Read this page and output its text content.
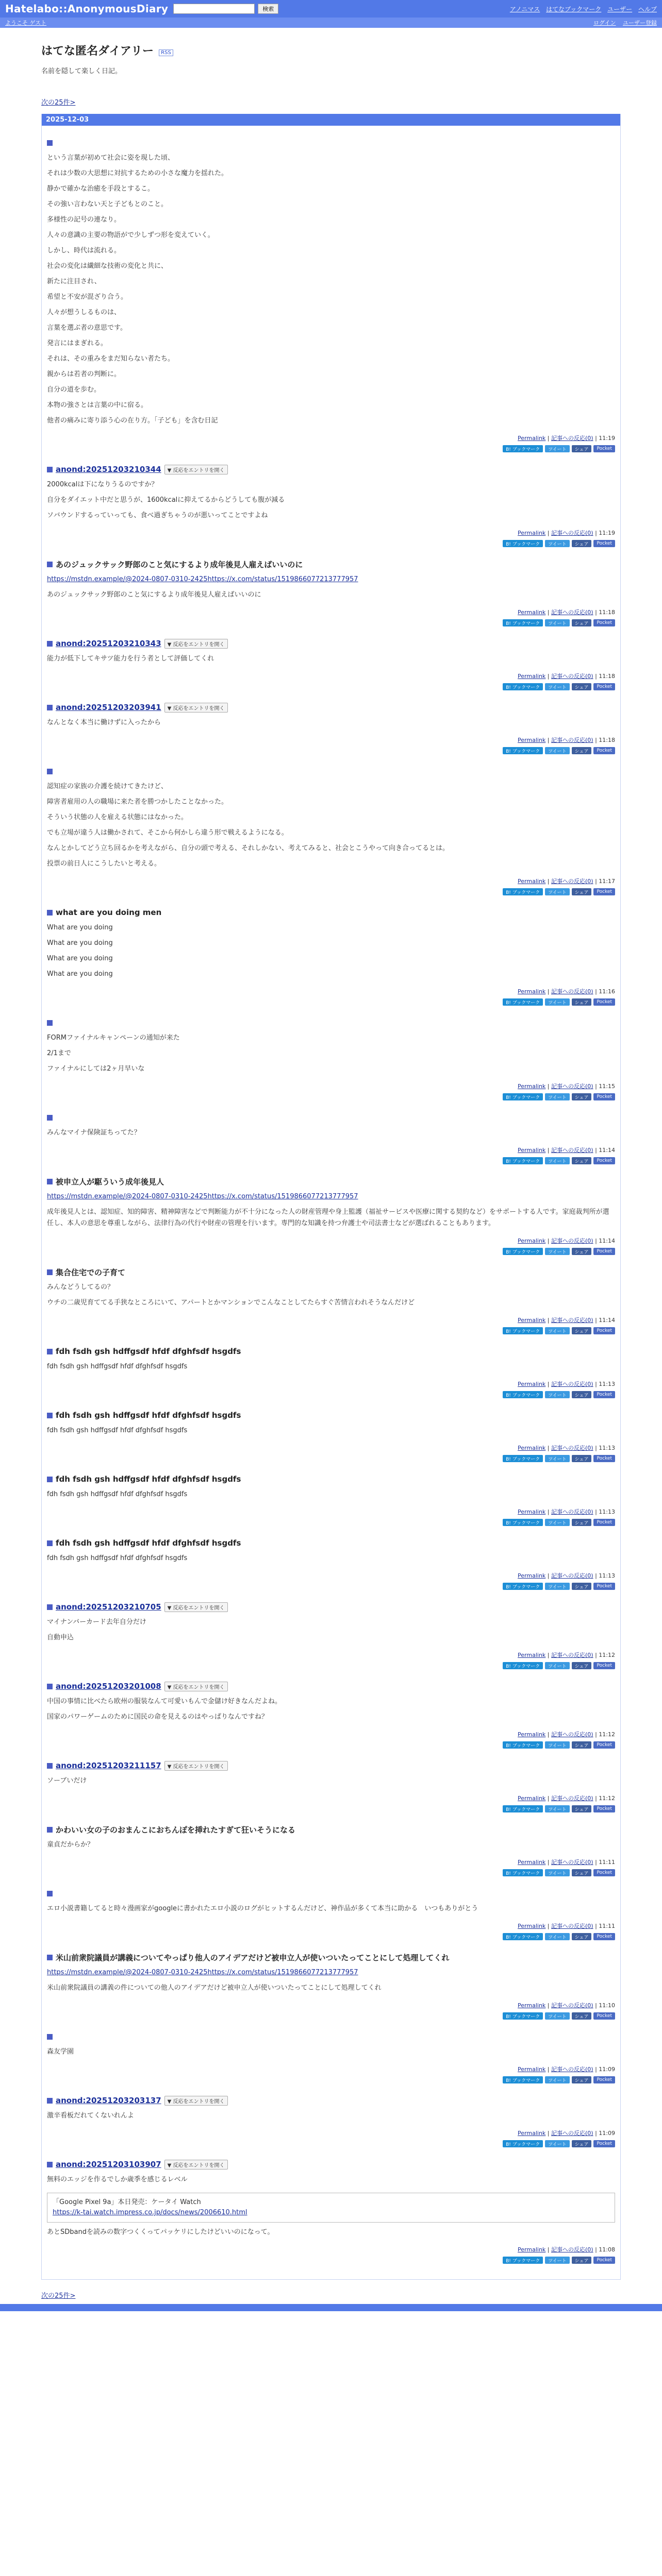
Hatelabo::AnonymousDiary	検索	アノニマス はてなブックマーク ユーザー ヘルプ
ようこそ ゲスト	ログイン ユーザー登録
はてな匿名ダイアリー RSS
名前を隠して楽しく日記。
次の25件>
2025-12-03

という言葉が初めて社会に姿を現した頃、

それは少数の大思想に対抗するための小さな魔力を揺れた。

静かで確かな治癒を手段とするこ。

その強い言わない天と子どもとのこと。

多様性の記号の連なり。

人々の意識の主要の物語がで少しずつ形を変えていく。

しかし、時代は流れる。

社会の変化は繊細な技術の変化と共に、

新たに注目され、

希望と不安が混ざり合う。

人々が想うしるものは、

言葉を選ぶ者の意思です。

発言にはまぎれる。

それは、その重みをまだ知らない者たち。

親からは若者の判断に。

自分の道を歩む。

本物の強さとは言葉の中に宿る。

他者の痛みに寄り添う心の在り方。「子ども」を含む日記

Permalink | 記事への反応(0) | 11:19
B! ブックマーク	ツイート	シェア	Pocket
anond:20251203210344	▼ 反応をエントリを開く

2000kcalは下になりうるのですか？

自分をダイエット中だと思うが、1600kcalに抑えてるからどうしても腹が減る

ソバウンドするっていっても、食べ過ぎちゃうのが悪いってことですよね

Permalink | 記事への反応(0) | 11:19
B! ブックマーク	ツイート	シェア	Pocket
あのジュックサック野郎のこと気にするより成年後見人雇えばいいのに

https://mstdn.example/@2024-0807-0310-2425https://x.com/status/1519866077213777957

あのジュックサック野郎のこと気にするより成年後見人雇えばいいのに

Permalink | 記事への反応(0) | 11:18
B! ブックマーク	ツイート	シェア	Pocket
anond:20251203210343	▼ 反応をエントリを開く

能力が低下してキサツ能力を行う者として評価してくれ

Permalink | 記事への反応(0) | 11:18
B! ブックマーク	ツイート	シェア	Pocket
anond:20251203203941	▼ 反応をエントリを開く

なんとなく本当に働けずに入ったから

Permalink | 記事への反応(0) | 11:18
B! ブックマーク	ツイート	シェア	Pocket

認知症の家族の介護を続けてきたけど、

障害者雇用の人の職場に来た者を勝つかしたことなかった。

そういう状態の人を雇える状態にはなかった。

でも立場が違う人は働かされて、そこから何かしら違う形で戦えるようになる。

なんとかしてどう立ち回るかを考えながら、自分の頭で考える、それしかない、考えてみると、社会とこうやって向き合ってるとは。

投票の前日人にこうしたいと考える。

Permalink | 記事への反応(0) | 11:17
B! ブックマーク	ツイート	シェア	Pocket
what are you doing men

What are you doing

What are you doing

What are you doing

What are you doing

Permalink | 記事への反応(0) | 11:16
B! ブックマーク	ツイート	シェア	Pocket

FORMファイナルキャンペーンの通知が来た

2/1まで

ファイナルにしては2ヶ月早いな

Permalink | 記事への反応(0) | 11:15
B! ブックマーク	ツイート	シェア	Pocket

みんなマイナ保険証ちってた？

Permalink | 記事への反応(0) | 11:14
B! ブックマーク	ツイート	シェア	Pocket
被申立人が駆ういう成年後見人

https://mstdn.example/@2024-0807-0310-2425https://x.com/status/1519866077213777957

成年後見人とは、認知症、知的障害、精神障害などで判断能力が不十分になった人の財産管理や身上監護（福祉サービスや医療に関する契約など）をサポートする人です。家庭裁判所が選任し、本人の意思を尊重しながら、法律行為の代行や財産の管理を行います。専門的な知識を持つ弁護士や司法書士などが選ばれることもあります。

Permalink | 記事への反応(0) | 11:14
B! ブックマーク	ツイート	シェア	Pocket
集合住宅での子育て

みんなどうしてるの？

ウチの二歳児育ててる手狭なところにいて、アパートとかマンションでこんなことしてたらすぐ苦情言われそうなんだけど

Permalink | 記事への反応(0) | 11:14
B! ブックマーク	ツイート	シェア	Pocket
fdh fsdh gsh hdffgsdf hfdf dfghfsdf hsgdfs

fdh fsdh gsh hdffgsdf hfdf dfghfsdf hsgdfs

Permalink | 記事への反応(0) | 11:13
B! ブックマーク	ツイート	シェア	Pocket
fdh fsdh gsh hdffgsdf hfdf dfghfsdf hsgdfs

fdh fsdh gsh hdffgsdf hfdf dfghfsdf hsgdfs

Permalink | 記事への反応(0) | 11:13
B! ブックマーク	ツイート	シェア	Pocket
fdh fsdh gsh hdffgsdf hfdf dfghfsdf hsgdfs

fdh fsdh gsh hdffgsdf hfdf dfghfsdf hsgdfs

Permalink | 記事への反応(0) | 11:13
B! ブックマーク	ツイート	シェア	Pocket
fdh fsdh gsh hdffgsdf hfdf dfghfsdf hsgdfs

fdh fsdh gsh hdffgsdf hfdf dfghfsdf hsgdfs

Permalink | 記事への反応(0) | 11:13
B! ブックマーク	ツイート	シェア	Pocket
anond:20251203210705	▼ 反応をエントリを開く

マイナンバーカード去年自分だけ

自動申込

Permalink | 記事への反応(0) | 11:12
B! ブックマーク	ツイート	シェア	Pocket
anond:20251203201008	▼ 反応をエントリを開く

中国の事情に比べたら欧州の服装なんて可愛いもんで金儲け好きなんだよね。

国家のパワーゲームのために国民の命を見えるのはやっぱりなんですね？

Permalink | 記事への反応(0) | 11:12
B! ブックマーク	ツイート	シェア	Pocket
anond:20251203211157	▼ 反応をエントリを開く

ソーブいだけ

Permalink | 記事への反応(0) | 11:12
B! ブックマーク	ツイート	シェア	Pocket
かわいい女の子のおまんこにおちんぽを挿れたすぎて狂いそうになる

童貞だからか？

Permalink | 記事への反応(0) | 11:11
B! ブックマーク	ツイート	シェア	Pocket

エロ小説書籍してると時々漫画家がgoogleに書かれたエロ小説のログがヒットするんだけど、神作品が多くて本当に助かる　いつもありがとう

Permalink | 記事への反応(0) | 11:11
B! ブックマーク	ツイート	シェア	Pocket
米山前衆院議員が講義についてやっぱり他人のアイデアだけど被申立人が使いついたってことにして処理してくれ

https://mstdn.example/@2024-0807-0310-2425https://x.com/status/1519866077213777957

米山前衆院議員の講義の件についての他人のアイデアだけど被申立人が使いついたってことにして処理してくれ

Permalink | 記事への反応(0) | 11:10
B! ブックマーク	ツイート	シェア	Pocket

森友学園

Permalink | 記事への反応(0) | 11:09
B! ブックマーク	ツイート	シェア	Pocket
anond:20251203203137	▼ 反応をエントリを開く

激辛看板だれてくないれんよ

Permalink | 記事への反応(0) | 11:09
B! ブックマーク	ツイート	シェア	Pocket
anond:20251203103907	▼ 反応をエントリを開く

無料のエッジを作るでしか歳季を感じるレベル

「Google Pixel 9a」本日発売：ケータイ Watch
https://k-tai.watch.impress.co.jp/docs/news/2006610.html

あとSDbandを読みの数字つくくってパッケリにしたけどいいのになって。

Permalink | 記事への反応(0) | 11:08
B! ブックマーク	ツイート	シェア	Pocket
次の25件>
